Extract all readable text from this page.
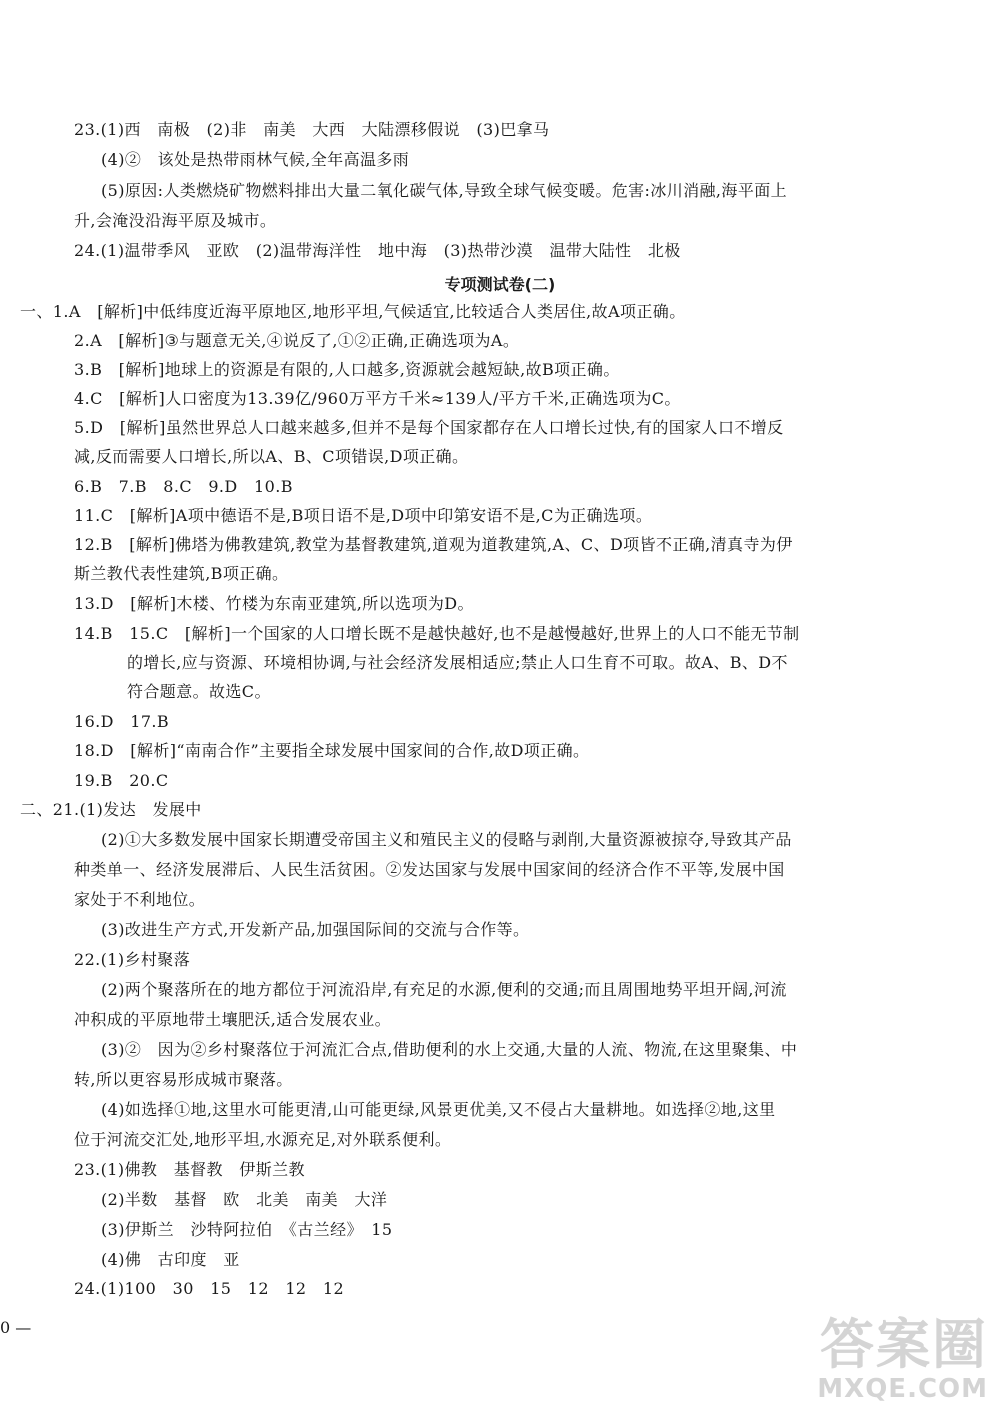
23.(1)西　南极　(2)非　南美　大西　大陆漂移假说　(3)巴拿马
(4)②　该处是热带雨林气候,全年高温多雨
(5)原因:人类燃烧矿物燃料排出大量二氧化碳气体,导致全球气候变暖。危害:冰川消融,海平面上
升,会淹没沿海平原及城市。
24.(1)温带季风　亚欧　(2)温带海洋性　地中海　(3)热带沙漠　温带大陆性　北极
专项测试卷(二)
一、1.A　[解析]中低纬度近海平原地区,地形平坦,气候适宜,比较适合人类居住,故A项正确。
2.A　[解析]③与题意无关,④说反了,①②正确,正确选项为A。
3.B　[解析]地球上的资源是有限的,人口越多,资源就会越短缺,故B项正确。
4.C　[解析]人口密度为13.39亿/960万平方千米≈139人/平方千米,正确选项为C。
5.D　[解析]虽然世界总人口越来越多,但并不是每个国家都存在人口增长过快,有的国家人口不增反
减,反而需要人口增长,所以A、B、C项错误,D项正确。
6.B　7.B　8.C　9.D　10.B
11.C　[解析]A项中德语不是,B项日语不是,D项中印第安语不是,C为正确选项。
12.B　[解析]佛塔为佛教建筑,教堂为基督教建筑,道观为道教建筑,A、C、D项皆不正确,清真寺为伊
斯兰教代表性建筑,B项正确。
13.D　[解析]木楼、竹楼为东南亚建筑,所以选项为D。
14.B　15.C　[解析]一个国家的人口增长既不是越快越好,也不是越慢越好,世界上的人口不能无节制
的增长,应与资源、环境相协调,与社会经济发展相适应;禁止人口生育不可取。故A、B、D不
符合题意。故选C。
16.D　17.B
18.D　[解析]“南南合作”主要指全球发展中国家间的合作,故D项正确。
19.B　20.C
二、21.(1)发达　发展中
(2)①大多数发展中国家长期遭受帝国主义和殖民主义的侵略与剥削,大量资源被掠夺,导致其产品
种类单一、经济发展滞后、人民生活贫困。②发达国家与发展中国家间的经济合作不平等,发展中国
家处于不利地位。
(3)改进生产方式,开发新产品,加强国际间的交流与合作等。
22.(1)乡村聚落
(2)两个聚落所在的地方都位于河流沿岸,有充足的水源,便利的交通;而且周围地势平坦开阔,河流
冲积成的平原地带土壤肥沃,适合发展农业。
(3)②　因为②乡村聚落位于河流汇合点,借助便利的水上交通,大量的人流、物流,在这里聚集、中
转,所以更容易形成城市聚落。
(4)如选择①地,这里水可能更清,山可能更绿,风景更优美,又不侵占大量耕地。如选择②地,这里
位于河流交汇处,地形平坦,水源充足,对外联系便利。
23.(1)佛教　基督教　伊斯兰教
(2)半数　基督　欧　北美　南美　大洋
(3)伊斯兰　沙特阿拉伯　《古兰经》　15
(4)佛　古印度　亚
24.(1)100　30　15　12　12　12
0 —	答案圈
MXQE.COM
